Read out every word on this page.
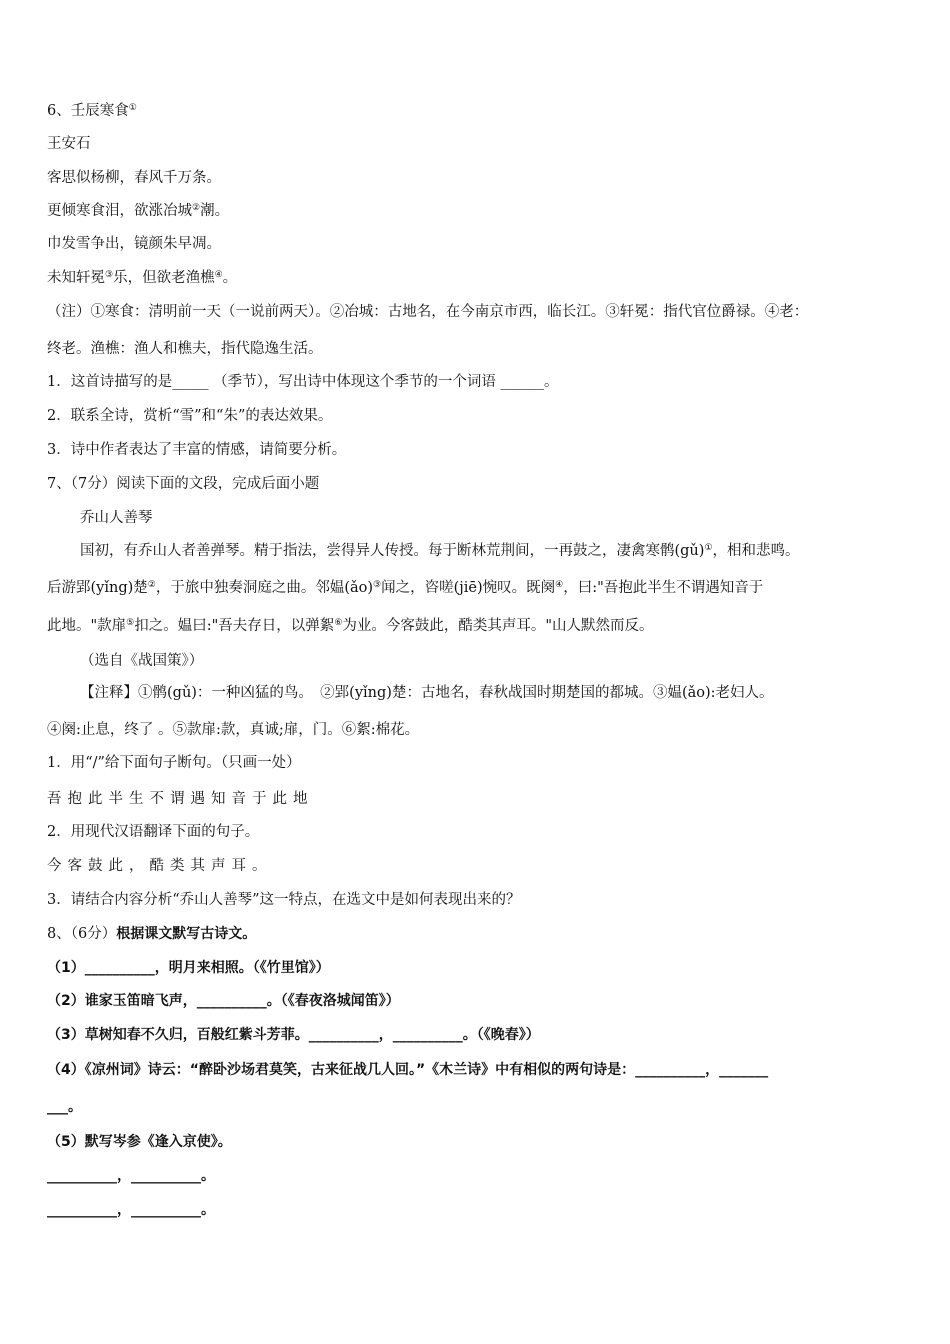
6、壬辰寒食①
王安石
客思似杨柳，春风千万条。
更倾寒食泪，欲涨冶城②潮。
巾发雪争出，镜颜朱早凋。
未知轩冕③乐，但欲老渔樵④。
（注）①寒食：清明前一天（一说前两天）。②冶城：古地名，在今南京市西，临长江。③轩冕：指代官位爵禄。④老：
终老。渔樵：渔人和樵夫，指代隐逸生活。
1．这首诗描写的是_____ （季节），写出诗中体现这个季节的一个词语 ______。
2．联系全诗，赏析“雪”和“朱”的表达效果。
3．诗中作者表达了丰富的情感，请简要分析。
7、（7分）阅读下面的文段，完成后面小题
乔山人善琴
国初，有乔山人者善弹琴。精于指法，尝得异人传授。每于断林荒荆间，一再鼓之，凄禽寒鹘(gǔ)①，相和悲鸣。
后游郢(yǐng)楚②，于旅中独奏洞庭之曲。邻媪(ǎo)③闻之，咨嗟(jiē)惋叹。既阕④，曰:"吾抱此半生不谓遇知音于
此地。"款扉⑤扣之。媪曰:"吾夫存日，以弹絮⑥为业。今客鼓此，酷类其声耳。"山人默然而反。
（选自《战国策》）
【注释】①鹘(gǔ)：一种凶猛的鸟。　②郢(yǐng)楚：古地名，春秋战国时期楚国的都城。③媪(ǎo):老妇人。
④阕:止息，终了 。⑤款扉:款，真诚;扉，门。⑥絮:棉花。
1．用“/”给下面句子断句。（只画一处）
吾抱此半生不谓遇知音于此地
2．用现代汉语翻译下面的句子。
今客鼓此，酷类其声耳。
3．请结合内容分析“乔山人善琴”这一特点，在选文中是如何表现出来的？
8、（6分）根据课文默写古诗文。
（1）__________，明月来相照。（《竹里馆》）
（2）谁家玉笛暗飞声，__________。（《春夜洛城闻笛》）
（3）草树知春不久归，百般红紫斗芳菲。__________，__________。（《晚春》）
（4）《凉州词》诗云：“醉卧沙场君莫笑，古来征战几人回。”《木兰诗》中有相似的两句诗是：__________，_______
___。
（5）默写岑参《逢入京使》。
__________，__________。
__________，__________。
